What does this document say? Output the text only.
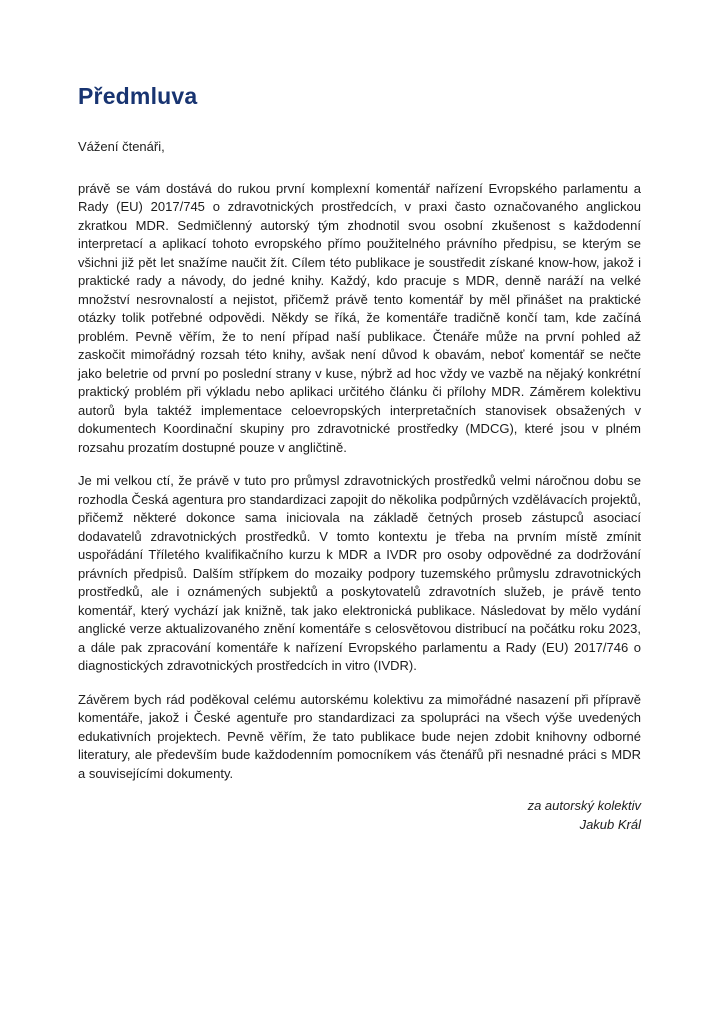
Předmluva

Vážení čtenáři,

právě se vám dostává do rukou první komplexní komentář nařízení Evropského parlamentu a Rady (EU) 2017/745 o zdravotnických prostředcích, v praxi často označovaného anglickou zkratkou MDR. Sedmičlenný autorský tým zhodnotil svou osobní zkušenost s každodenní interpretací a aplikací tohoto evropského přímo použitelného právního předpisu, se kterým se všichni již pět let snažíme naučit žít. Cílem této publikace je soustředit získané know-how, jakož i praktické rady a návody, do jedné knihy. Každý, kdo pracuje s MDR, denně naráží na velké množství nesrovnalostí a nejistot, přičemž právě tento komentář by měl přinášet na praktické otázky tolik potřebné odpovědi. Někdy se říká, že komentáře tradičně končí tam, kde začíná problém. Pevně věřím, že to není případ naší publikace. Čtenáře může na první pohled až zaskočit mimořádný rozsah této knihy, avšak není důvod k obavám, neboť komentář se nečte jako beletrie od první po poslední strany v kuse, nýbrž ad hoc vždy ve vazbě na nějaký konkrétní praktický problém při výkladu nebo aplikaci určitého článku či přílohy MDR. Záměrem kolektivu autorů byla taktéž implementace celoevropských interpretačních stanovisek obsažených v dokumentech Koordinační skupiny pro zdravotnické prostředky (MDCG), které jsou v plném rozsahu prozatím dostupné pouze v angličtině.

Je mi velkou ctí, že právě v tuto pro průmysl zdravotnických prostředků velmi náročnou dobu se rozhodla Česká agentura pro standardizaci zapojit do několika podpůrných vzdělávacích projektů, přičemž některé dokonce sama iniciovala na základě četných proseb zástupců asociací dodavatelů zdravotnických prostředků. V tomto kontextu je třeba na prvním místě zmínit uspořádání Tříletého kvalifikačního kurzu k MDR a IVDR pro osoby odpovědné za dodržování právních předpisů. Dalším střípkem do mozaiky podpory tuzemského průmyslu zdravotnických prostředků, ale i oznámených subjektů a poskytovatelů zdravotních služeb, je právě tento komentář, který vychází jak knižně, tak jako elektronická publikace. Následovat by mělo vydání anglické verze aktualizovaného znění komentáře s celosvětovou distribucí na počátku roku 2023, a dále pak zpracování komentáře k nařízení Evropského parlamentu a Rady (EU) 2017/746 o diagnostických zdravotnických prostředcích in vitro (IVDR).

Závěrem bych rád poděkoval celému autorskému kolektivu za mimořádné nasazení při přípravě komentáře, jakož i České agentuře pro standardizaci za spolupráci na všech výše uvedených edukativních projektech. Pevně věřím, že tato publikace bude nejen zdobit knihovny odborné literatury, ale především bude každodenním pomocníkem vás čtenářů při nesnadné práci s MDR a souvisejícími dokumenty.

za autorský kolektiv
Jakub Král
